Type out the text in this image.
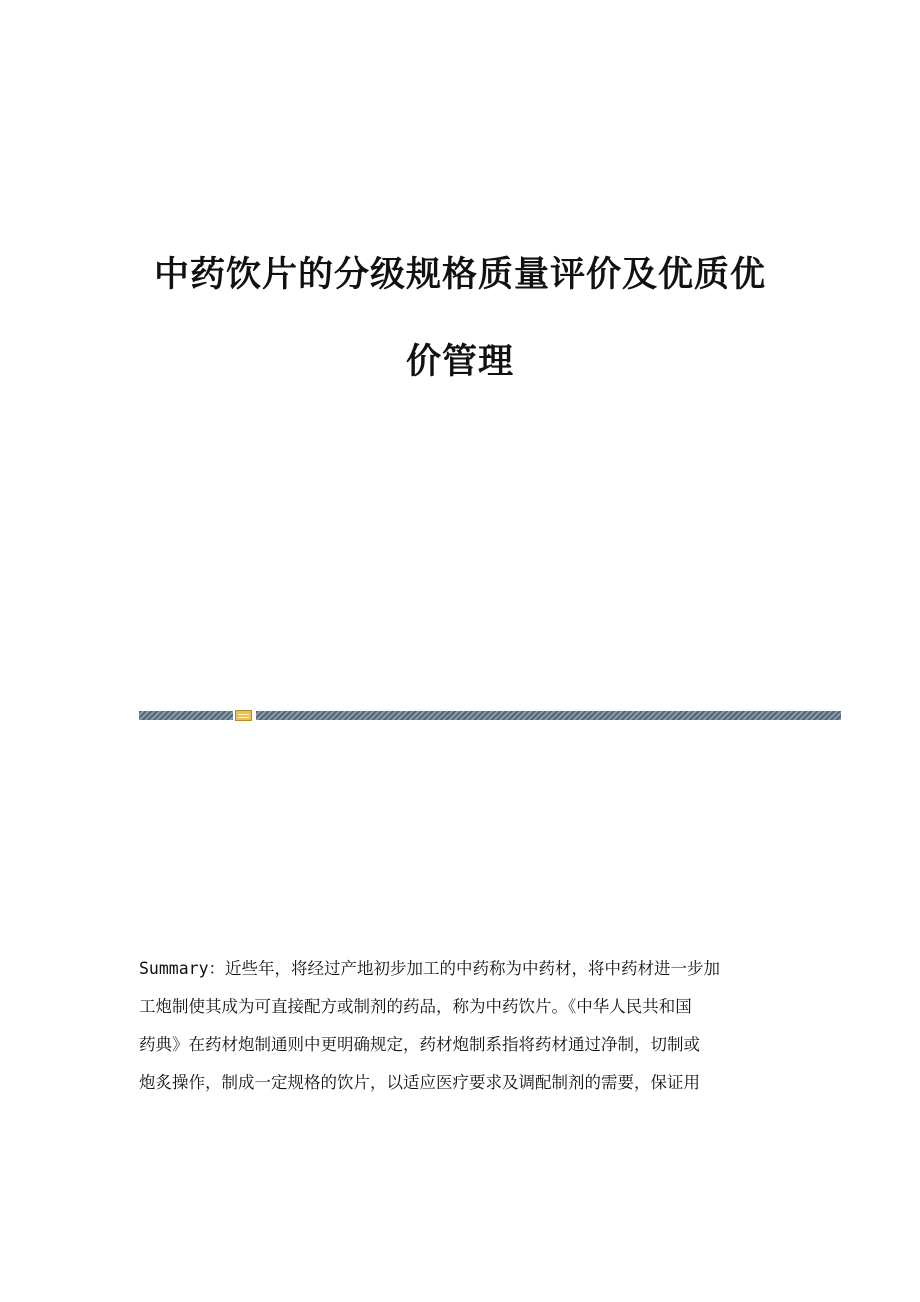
中药饮片的分级规格质量评价及优质优
价管理
Summary：近些年，将经过产地初步加工的中药称为中药材，将中药材进一步加
工炮制使其成为可直接配方或制剂的药品，称为中药饮片。《中华人民共和国
药典》在药材炮制通则中更明确规定，药材炮制系指将药材通过净制，切制或
炮炙操作，制成一定规格的饮片，以适应医疗要求及调配制剂的需要，保证用
